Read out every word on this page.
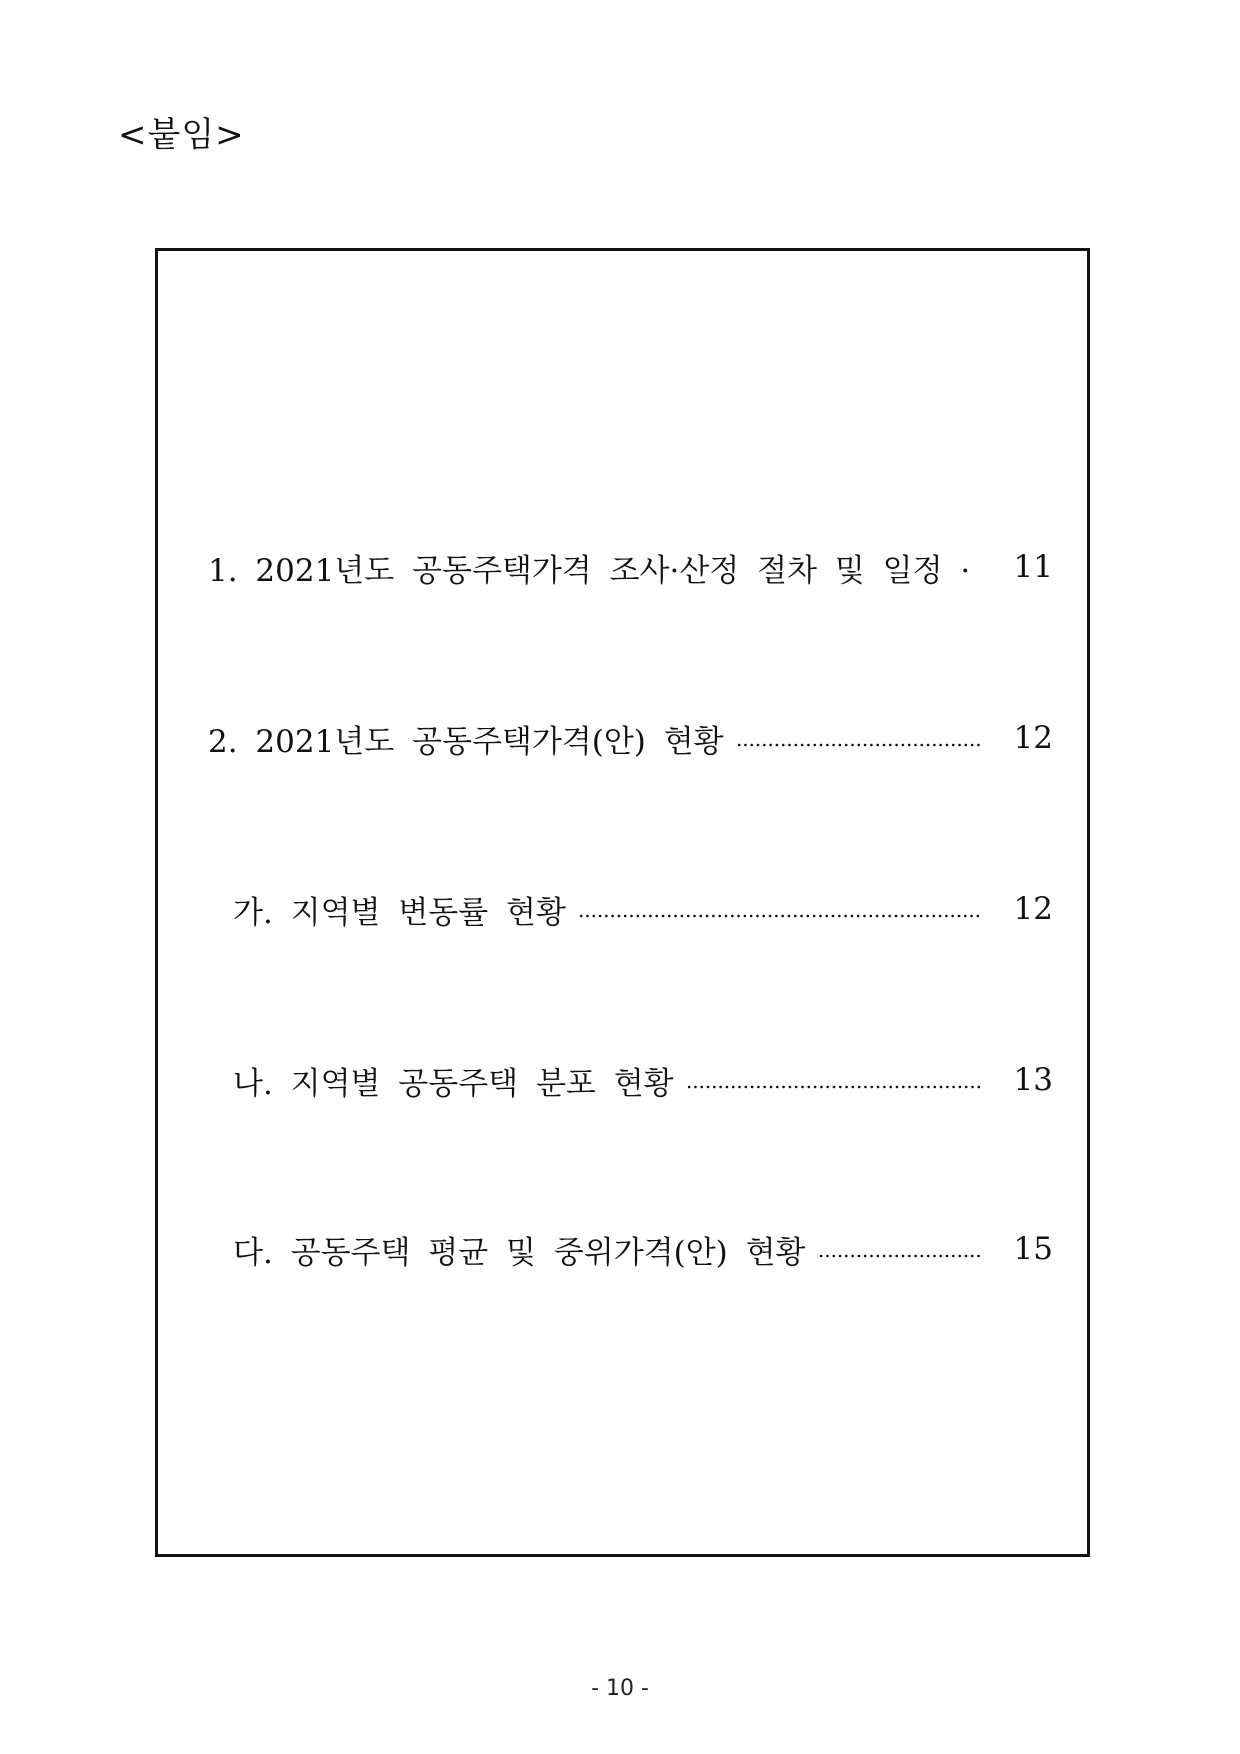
<붙임>
1. 2021년도 공동주택가격 조사·산정 절차 및 일정 · 11
2. 2021년도 공동주택가격(안) 현황	12
가. 지역별 변동률 현황	12
나. 지역별 공동주택 분포 현황	13
다. 공동주택 평균 및 중위가격(안) 현황	15
- 10 -
